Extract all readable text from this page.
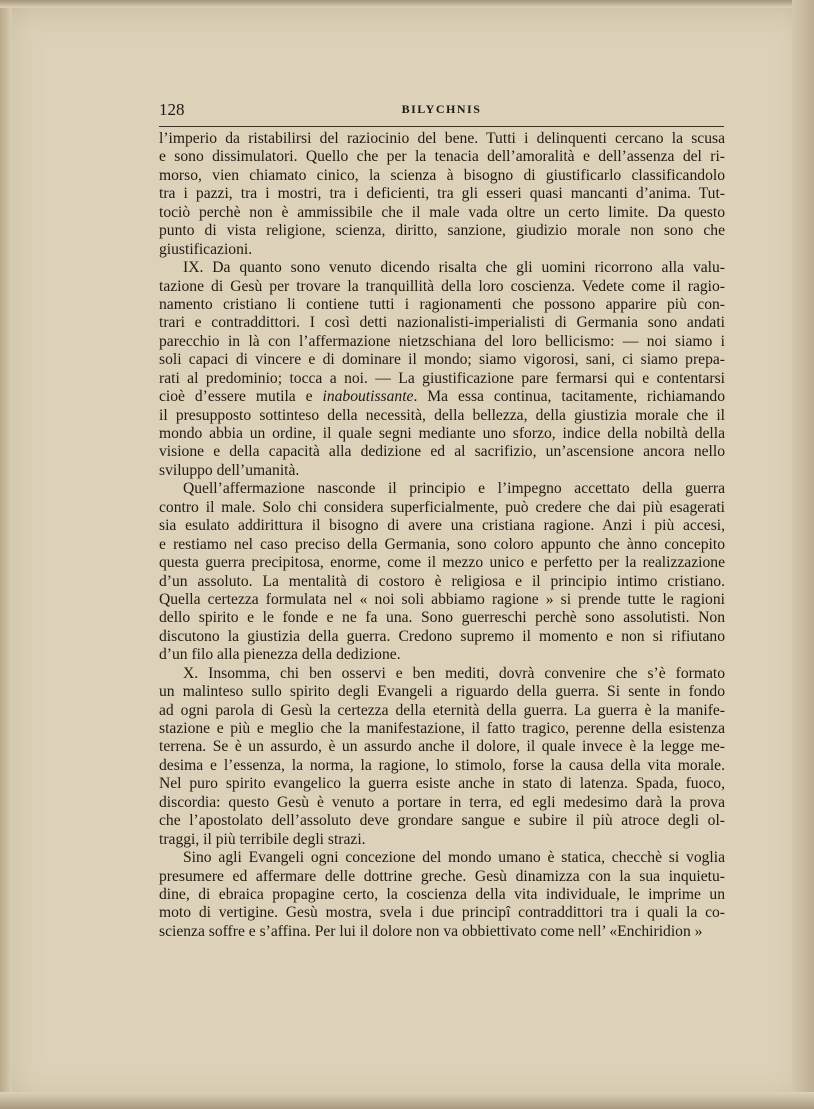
128	BILYCHNIS
l’imperio da ristabilirsi del raziocinio del bene. Tutti i delinquenti cercano la scusa
e sono dissimulatori. Quello che per la tenacia dell’amoralità e dell’assenza del ri-
morso, vien chiamato cinico, la scienza à bisogno di giustificarlo classificandolo
tra i pazzi, tra i mostri, tra i deficienti, tra gli esseri quasi mancanti d’anima. Tut-
tociò perchè non è ammissibile che il male vada oltre un certo limite. Da questo
punto di vista religione, scienza, diritto, sanzione, giudizio morale non sono che
giustificazioni.
IX. Da quanto sono venuto dicendo risalta che gli uomini ricorrono alla valu-
tazione di Gesù per trovare la tranquillità della loro coscienza. Vedete come il ragio-
namento cristiano li contiene tutti i ragionamenti che possono apparire più con-
trari e contraddittori. I così detti nazionalisti-imperialisti di Germania sono andati
parecchio in là con l’affermazione nietzschiana del loro bellicismo: — noi siamo i
soli capaci di vincere e di dominare il mondo; siamo vigorosi, sani, ci siamo prepa-
rati al predominio; tocca a noi. — La giustificazione pare fermarsi qui e contentarsi
cioè d’essere mutila e inaboutissante. Ma essa continua, tacitamente, richiamando
il presupposto sottinteso della necessità, della bellezza, della giustizia morale che il
mondo abbia un ordine, il quale segni mediante uno sforzo, indice della nobiltà della
visione e della capacità alla dedizione ed al sacrifizio, un’ascensione ancora nello
sviluppo dell’umanità.
Quell’affermazione nasconde il principio e l’impegno accettato della guerra
contro il male. Solo chi considera superficialmente, può credere che dai più esagerati
sia esulato addirittura il bisogno di avere una cristiana ragione. Anzi i più accesi,
e restiamo nel caso preciso della Germania, sono coloro appunto che ànno concepito
questa guerra precipitosa, enorme, come il mezzo unico e perfetto per la realizzazione
d’un assoluto. La mentalità di costoro è religiosa e il principio intimo cristiano.
Quella certezza formulata nel « noi soli abbiamo ragione » si prende tutte le ragioni
dello spirito e le fonde e ne fa una. Sono guerreschi perchè sono assolutisti. Non
discutono la giustizia della guerra. Credono supremo il momento e non si rifiutano
d’un filo alla pienezza della dedizione.
X. Insomma, chi ben osservi e ben mediti, dovrà convenire che s’è formato
un malinteso sullo spirito degli Evangeli a riguardo della guerra. Si sente in fondo
ad ogni parola di Gesù la certezza della eternità della guerra. La guerra è la manife-
stazione e più e meglio che la manifestazione, il fatto tragico, perenne della esistenza
terrena. Se è un assurdo, è un assurdo anche il dolore, il quale invece è la legge me-
desima e l’essenza, la norma, la ragione, lo stimolo, forse la causa della vita morale.
Nel puro spirito evangelico la guerra esiste anche in stato di latenza. Spada, fuoco,
discordia: questo Gesù è venuto a portare in terra, ed egli medesimo darà la prova
che l’apostolato dell’assoluto deve grondare sangue e subire il più atroce degli ol-
traggi, il più terribile degli strazi.
Sino agli Evangeli ogni concezione del mondo umano è statica, checchè si voglia
presumere ed affermare delle dottrine greche. Gesù dinamizza con la sua inquietu-
dine, di ebraica propagine certo, la coscienza della vita individuale, le imprime un
moto di vertigine. Gesù mostra, svela i due principî contraddittori tra i quali la co-
scienza soffre e s’affina. Per lui il dolore non va obbiettivato come nell’ «Enchiridion »
